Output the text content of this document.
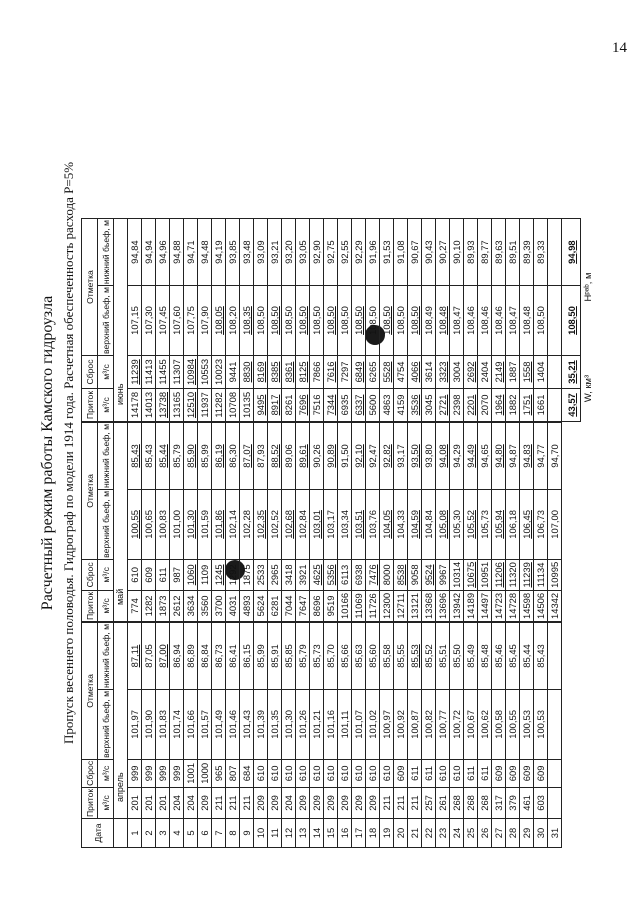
14
Расчетный режим работы Камского гидроузла Пропуск весеннего половодья. Гидрограф по модели 1914 года. Расчетная обеспеченность расхода P=5%
Дата	Приток	Сброс	Отметка	
	м³/с	м³/с	верхний бьеф, м	нижний бьеф, м
	апрель			
1	201	999	101,97	87,11
2	201	999	101,90	87,05
3	201	999	101,83	87,00
4	204	999	101,74	86,94
5	204	1001	101,66	86,89
6	209	1000	101,57	86,84
7	211	965	101,49	86,73
8	211	807	101,46	86,41
9	211	684	101,43	86,15
10	209	610	101,39	85,99
11	209	610	101,35	85,91
12	204	610	101,30	85,85
13	209	610	101,26	85,79
14	209	610	101,21	85,73
15	209	610	101,16	85,70
16	209	610	101,11	85,66
17	209	610	101,07	85,63
18	209	610	101,02	85,60
19	211	610	100,97	85,58
20	211	609	100,92	85,55
21	211	611	100,87	85,53
22	257	611	100,82	85,52
23	261	610	100,77	85,51
24	268	610	100,72	85,50
25	268	611	100,67	85,49
26	268	611	100,62	85,48
27	317	609	100,58	85,46
28	379	609	100,55	85,45
29	461	609	100,53	85,44
30	603	609	100,53	85,43
31				

Приток	Сброс	Отметка	
м³/с	м³/с	верхний бьеф, м	нижний бьеф, м
май			
774	610	100,55	85,43
1282	609	100,65	85,43
1873	611	100,83	85,44
2612	987	101,00	85,79
3634	1060	101,30	85,90
3560	1109	101,59	85,99
3700	1245	101,86	86,19
4031	1292	102,14	86,30
4893	1875	102,28	87,07
5624	2533	102,35	87,93
6281	2965	102,52	88,52
7044	3418	102,68	89,06
7647	3921	102,84	89,61
8696	4625	103,01	90,26
9519	5356	103,17	90,89
10166	6113	103,34	91,50
11069	6938	103,51	92,10
11726	7476	103,76	92,47
12300	8000	104,05	92,82
12711	8538	104,33	93,17
13121	9058	104,59	93,50
13368	9524	104,84	93,80
13696	9967	105,08	94,08
13942	10314	105,30	94,29
14189	10675	105,52	94,49
14497	10951	105,73	94,65
14723	11206	105,94	94,80
14728	11320	106,18	94,87
14598	11239	106,45	94,83
14506	11134	106,73	94,77
14342	10995	107,00	94,70

Приток	Сброс	Отметка	
м³/с	м³/с	верхний бьеф, м	нижний бьеф, м
июнь			
14178	11239	107,15	94,84
14013	11413	107,30	94,94
13738	11455	107,45	94,96
13165	11307	107,60	94,88
12510	10984	107,75	94,71
11937	10553	107,90	94,48
11282	10023	108,05	94,19
10708	9441	108,20	93,85
10135	8830	108,35	93,48
9495	8169	108,50	93,09
8917	8385	108,50	93,21
8261	8361	108,50	93,20
7696	8125	108,50	93,05
7516	7866	108,50	92,90
7344	7616	108,50	92,75
6935	7297	108,50	92,55
6337	6849	108,50	92,29
5600	6265	108,50	91,96
4863	5528	108,50	91,53
4159	4754	108,50	91,08
3536	4066	108,50	90,67
3045	3614	108,49	90,43
2721	3323	108,48	90,27
2398	3004	108,47	90,10
2201	2692	108,46	89,93
2070	2404	108,46	89,77
1964	2149	108,46	89,63
1882	1887	108,47	89,51
1751	1558	108,48	89,39
1661	1404	108,50	89,33

43,57	35,21	108,50	94,98
W, км³		Hᵖᵃᵇ, м	
